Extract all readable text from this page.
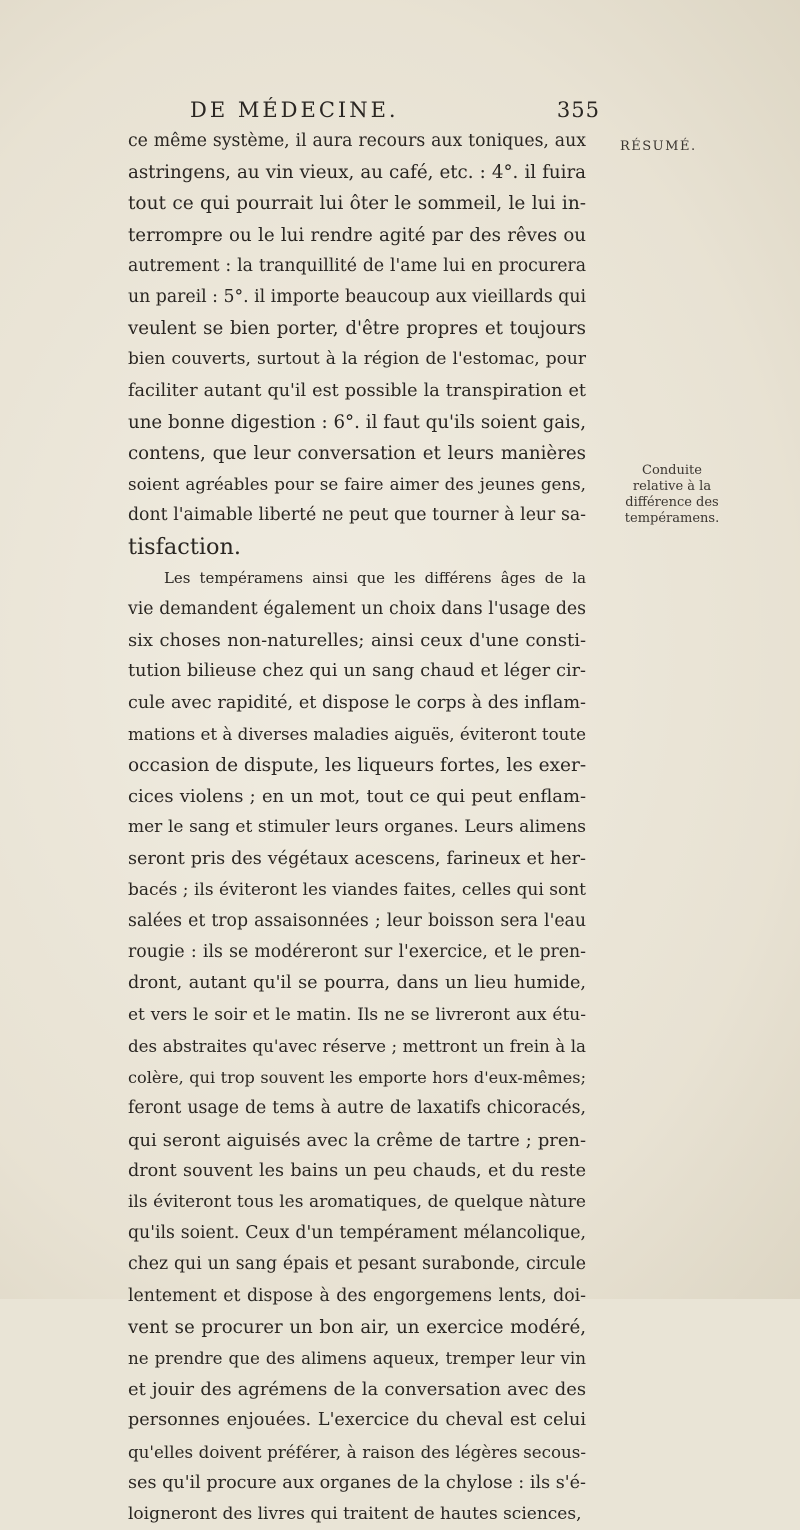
DE MÉDECINE.	355
RÉSUMÉ.
Conduite
relative à la
différence des
tempéramens.
ce même système, il aura recours aux toniques, aux
astringens, au vin vieux, au café, etc. : 4°. il fuira
tout ce qui pourrait lui ôter le sommeil, le lui in-
terrompre ou le lui rendre agité par des rêves ou
autrement : la tranquillité de l'ame lui en procurera
un pareil : 5°. il importe beaucoup aux vieillards qui
veulent se bien porter, d'être propres et toujours
bien couverts, surtout à la région de l'estomac, pour
faciliter autant qu'il est possible la transpiration et
une bonne digestion : 6°. il faut qu'ils soient gais,
contens, que leur conversation et leurs manières
soient agréables pour se faire aimer des jeunes gens,
dont l'aimable liberté ne peut que tourner à leur sa-
tisfaction.
Les tempéramens ainsi que les différens âges de la
vie demandent également un choix dans l'usage des
six choses non-naturelles; ainsi ceux d'une consti-
tution bilieuse chez qui un sang chaud et léger cir-
cule avec rapidité, et dispose le corps à des inflam-
mations et à diverses maladies aiguës, éviteront toute
occasion de dispute, les liqueurs fortes, les exer-
cices violens ; en un mot, tout ce qui peut enflam-
mer le sang et stimuler leurs organes. Leurs alimens
seront pris des végétaux acescens, farineux et her-
bacés ; ils éviteront les viandes faites, celles qui sont
salées et trop assaisonnées ; leur boisson sera l'eau
rougie : ils se modéreront sur l'exercice, et le pren-
dront, autant qu'il se pourra, dans un lieu humide,
et vers le soir et le matin. Ils ne se livreront aux étu-
des abstraites qu'avec réserve ; mettront un frein à la
colère, qui trop souvent les emporte hors d'eux-mêmes;
feront usage de tems à autre de laxatifs chicoracés,
qui seront aiguisés avec la crême de tartre ; pren-
dront souvent les bains un peu chauds, et du reste
ils éviteront tous les aromatiques, de quelque nàture
qu'ils soient. Ceux d'un tempérament mélancolique,
chez qui un sang épais et pesant surabonde, circule
lentement et dispose à des engorgemens lents, doi-
vent se procurer un bon air, un exercice modéré,
ne prendre que des alimens aqueux, tremper leur vin
et jouir des agrémens de la conversation avec des
personnes enjouées. L'exercice du cheval est celui
qu'elles doivent préférer, à raison des légères secous-
ses qu'il procure aux organes de la chylose : ils s'é-
loigneront des livres qui traitent de hautes sciences,
